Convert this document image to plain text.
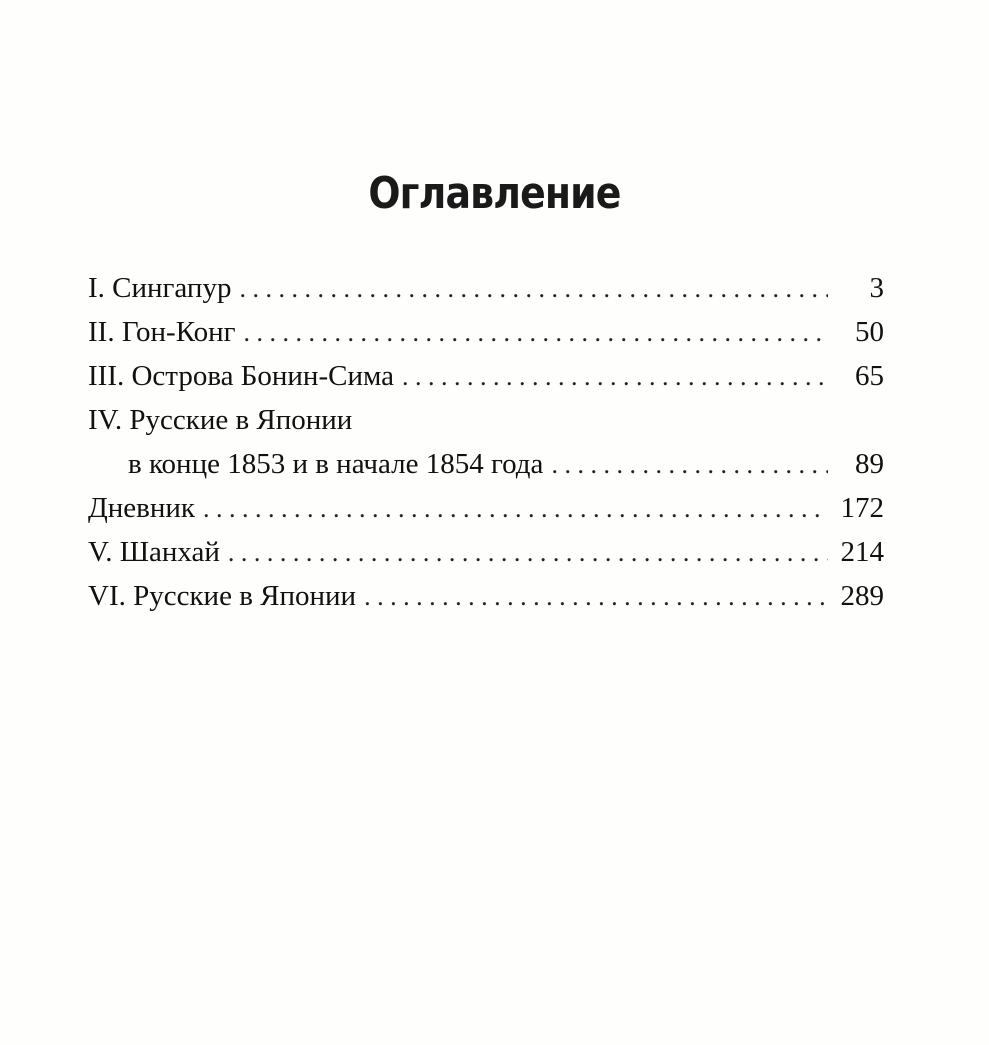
Оглавление
I. Сингапур . . .	3
II. Гон-Конг . . .	50
III. Острова Бонин-Сима . . .	65
IV. Русские в Японии
в конце 1853 и в начале 1854 года . . .	89
Дневник . . .	172
V. Шанхай . . .	214
VI. Русские в Японии . . .	289
